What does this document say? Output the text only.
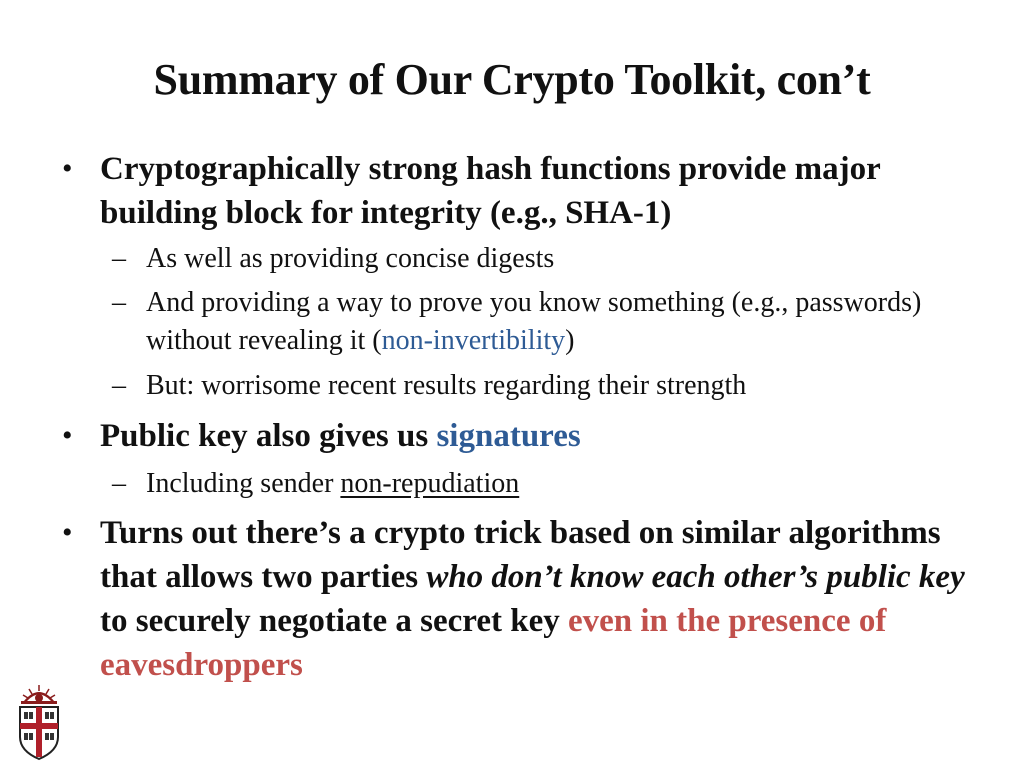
Summary of Our Crypto Toolkit, con’t
• Cryptographically strong hash functions provide major building block for integrity (e.g., SHA-1)
– As well as providing concise digests
– And providing a way to prove you know something (e.g., passwords) without revealing it (non-invertibility)
– But: worrisome recent results regarding their strength
• Public key also gives us signatures
– Including sender non-repudiation
• Turns out there’s a crypto trick based on similar algorithms that allows two parties who don’t know each other’s public key to securely negotiate a secret key even in the presence of eavesdroppers
